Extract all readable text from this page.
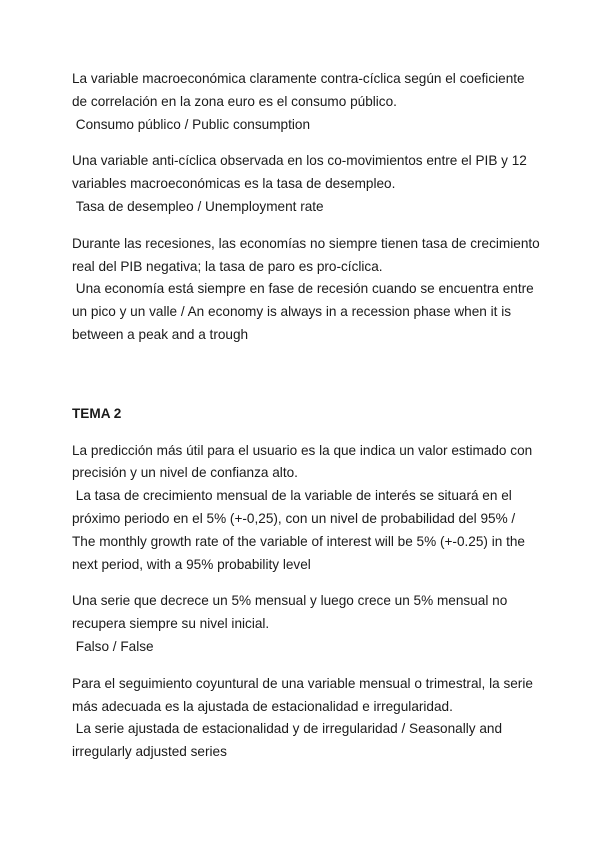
La variable macroeconómica claramente contra-cíclica según el coeficiente de correlación en la zona euro es el consumo público.

Consumo público / Public consumption

Una variable anti-cíclica observada en los co-movimientos entre el PIB y 12 variables macroeconómicas es la tasa de desempleo.

Tasa de desempleo / Unemployment rate

Durante las recesiones, las economías no siempre tienen tasa de crecimiento real del PIB negativa; la tasa de paro es pro-cíclica.

Una economía está siempre en fase de recesión cuando se encuentra entre un pico y un valle / An economy is always in a recession phase when it is between a peak and a trough

TEMA 2

La predicción más útil para el usuario es la que indica un valor estimado con precisión y un nivel de confianza alto.

La tasa de crecimiento mensual de la variable de interés se situará en el próximo periodo en el 5% (+-0,25), con un nivel de probabilidad del 95% / The monthly growth rate of the variable of interest will be 5% (+-0.25) in the next period, with a 95% probability level

Una serie que decrece un 5% mensual y luego crece un 5% mensual no recupera siempre su nivel inicial.

Falso / False

Para el seguimiento coyuntural de una variable mensual o trimestral, la serie más adecuada es la ajustada de estacionalidad e irregularidad.

La serie ajustada de estacionalidad y de irregularidad / Seasonally and irregularly adjusted series
